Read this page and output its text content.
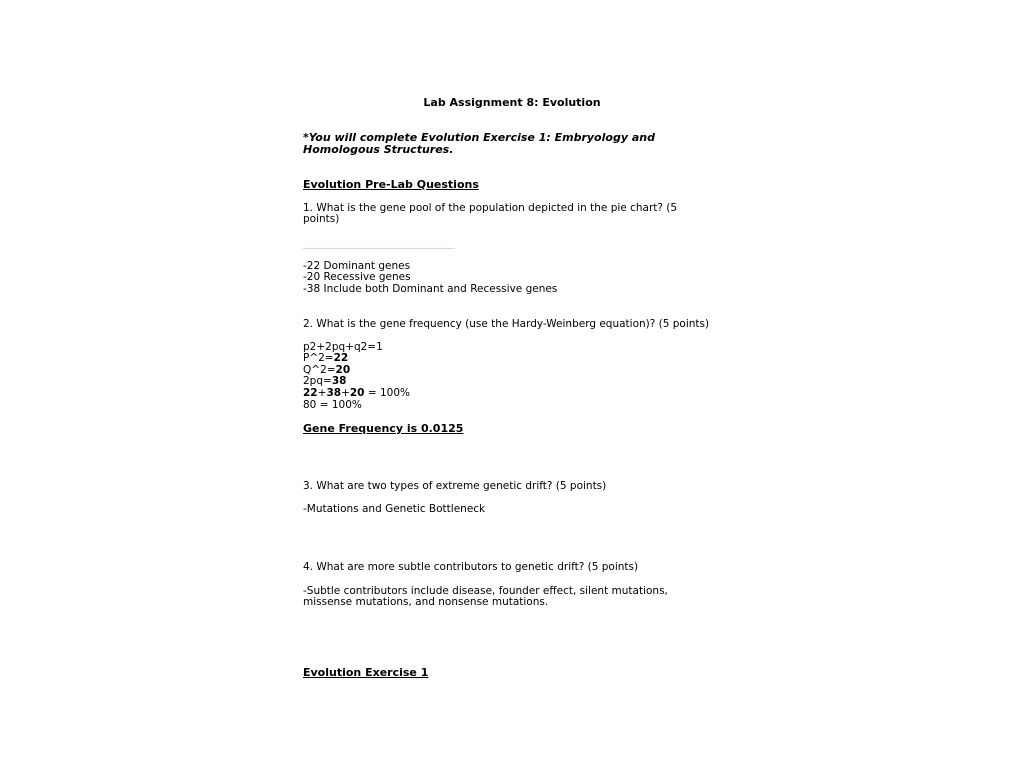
Lab Assignment 8: Evolution
*You will complete Evolution Exercise 1: Embryology and
Homologous Structures.
Evolution Pre-Lab Questions
1. What is the gene pool of the population depicted in the pie chart? (5
points)
-22 Dominant genes
-20 Recessive genes
-38 Include both Dominant and Recessive genes
2. What is the gene frequency (use the Hardy-Weinberg equation)? (5 points)
p2+2pq+q2=1
P^2=22
Q^2=20
2pq=38
22+38+20 = 100%
80 = 100%
Gene Frequency is 0.0125
3. What are two types of extreme genetic drift? (5 points)
-Mutations and Genetic Bottleneck
4. What are more subtle contributors to genetic drift? (5 points)
-Subtle contributors include disease, founder effect, silent mutations,
missense mutations, and nonsense mutations.
Evolution Exercise 1
